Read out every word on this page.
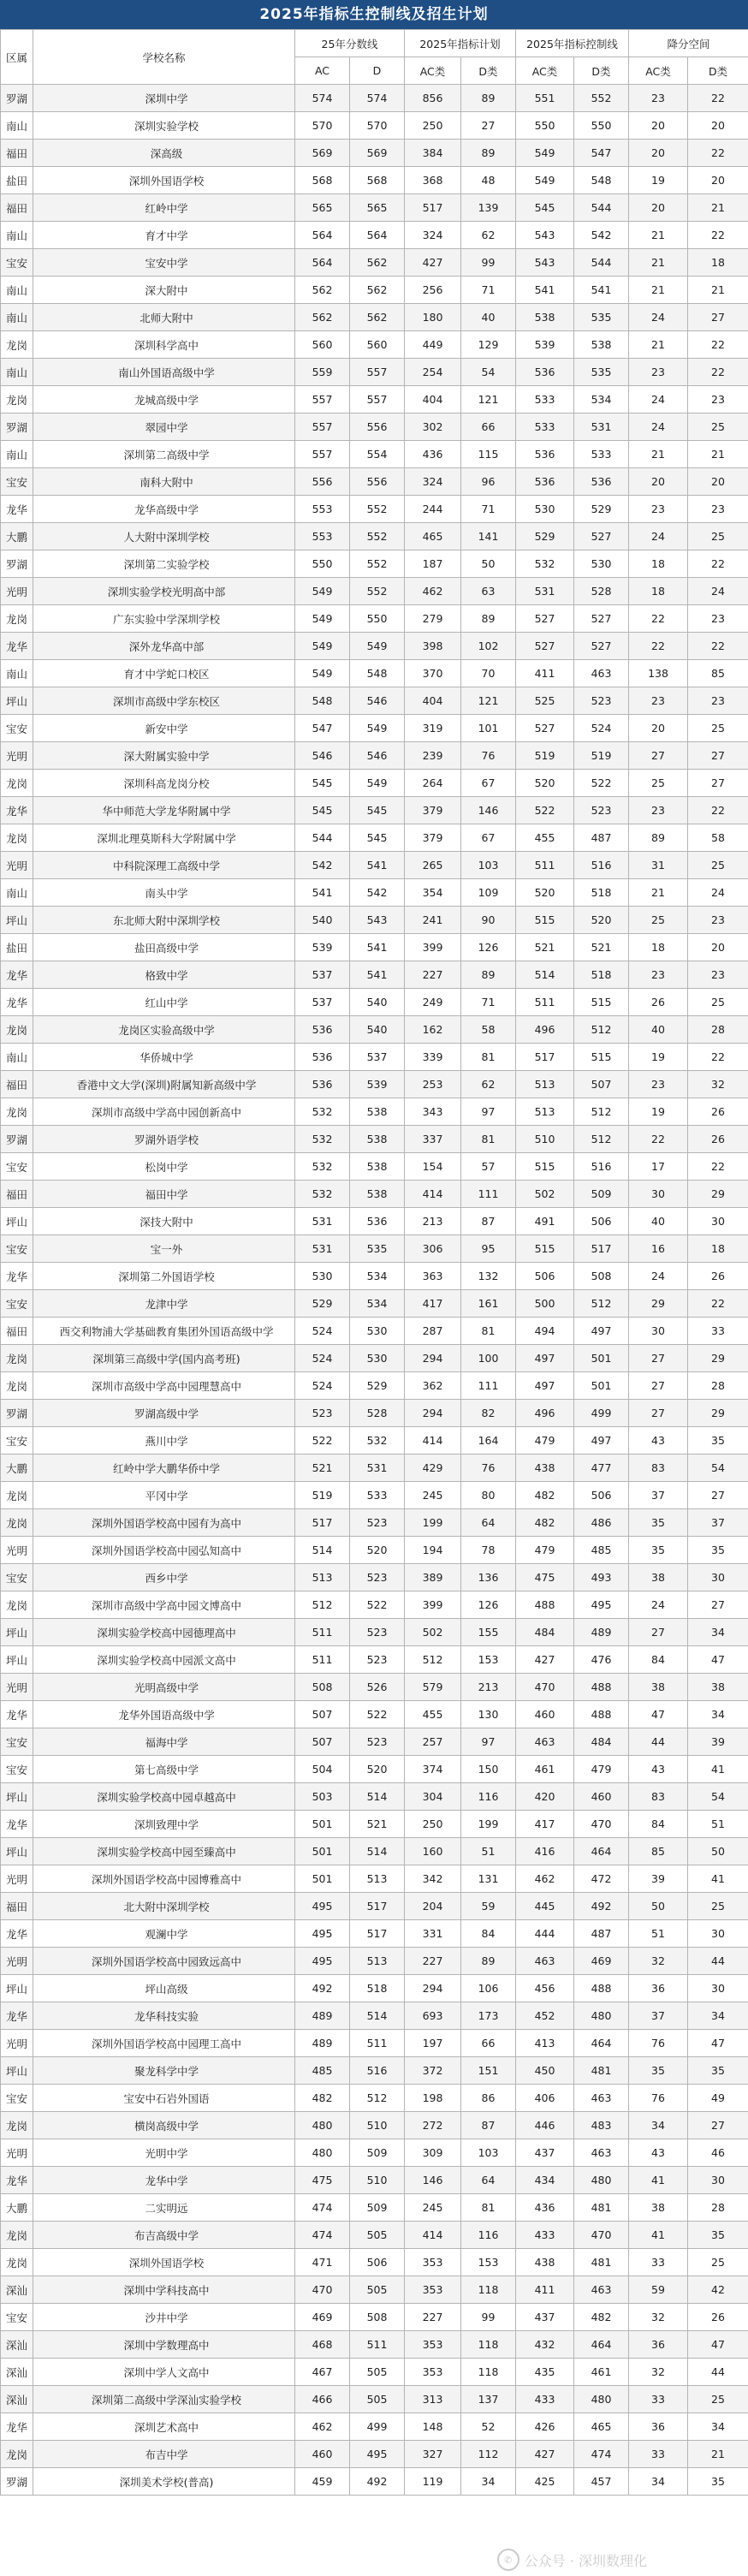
2025年指标生控制线及招生计划
区属	学校名称	25年分数线		2025年指标计划		2025年指标控制线		降分空间	
		AC	D	AC类	D类	AC类	D类	AC类	D类
罗湖	深圳中学	574	574	856	89	551	552	23	22
南山	深圳实验学校	570	570	250	27	550	550	20	20
福田	深高级	569	569	384	89	549	547	20	22
盐田	深圳外国语学校	568	568	368	48	549	548	19	20
福田	红岭中学	565	565	517	139	545	544	20	21
南山	育才中学	564	564	324	62	543	542	21	22
宝安	宝安中学	564	562	427	99	543	544	21	18
南山	深大附中	562	562	256	71	541	541	21	21
南山	北师大附中	562	562	180	40	538	535	24	27
龙岗	深圳科学高中	560	560	449	129	539	538	21	22
南山	南山外国语高级中学	559	557	254	54	536	535	23	22
龙岗	龙城高级中学	557	557	404	121	533	534	24	23
罗湖	翠园中学	557	556	302	66	533	531	24	25
南山	深圳第二高级中学	557	554	436	115	536	533	21	21
宝安	南科大附中	556	556	324	96	536	536	20	20
龙华	龙华高级中学	553	552	244	71	530	529	23	23
大鹏	人大附中深圳学校	553	552	465	141	529	527	24	25
罗湖	深圳第二实验学校	550	552	187	50	532	530	18	22
光明	深圳实验学校光明高中部	549	552	462	63	531	528	18	24
龙岗	广东实验中学深圳学校	549	550	279	89	527	527	22	23
龙华	深外龙华高中部	549	549	398	102	527	527	22	22
南山	育才中学蛇口校区	549	548	370	70	411	463	138	85
坪山	深圳市高级中学东校区	548	546	404	121	525	523	23	23
宝安	新安中学	547	549	319	101	527	524	20	25
光明	深大附属实验中学	546	546	239	76	519	519	27	27
龙岗	深圳科高龙岗分校	545	549	264	67	520	522	25	27
龙华	华中师范大学龙华附属中学	545	545	379	146	522	523	23	22
龙岗	深圳北理莫斯科大学附属中学	544	545	379	67	455	487	89	58
光明	中科院深理工高级中学	542	541	265	103	511	516	31	25
南山	南头中学	541	542	354	109	520	518	21	24
坪山	东北师大附中深圳学校	540	543	241	90	515	520	25	23
盐田	盐田高级中学	539	541	399	126	521	521	18	20
龙华	格致中学	537	541	227	89	514	518	23	23
龙华	红山中学	537	540	249	71	511	515	26	25
龙岗	龙岗区实验高级中学	536	540	162	58	496	512	40	28
南山	华侨城中学	536	537	339	81	517	515	19	22
福田	香港中文大学(深圳)附属知新高级中学	536	539	253	62	513	507	23	32
龙岗	深圳市高级中学高中园创新高中	532	538	343	97	513	512	19	26
罗湖	罗湖外语学校	532	538	337	81	510	512	22	26
宝安	松岗中学	532	538	154	57	515	516	17	22
福田	福田中学	532	538	414	111	502	509	30	29
坪山	深技大附中	531	536	213	87	491	506	40	30
宝安	宝一外	531	535	306	95	515	517	16	18
龙华	深圳第二外国语学校	530	534	363	132	506	508	24	26
宝安	龙津中学	529	534	417	161	500	512	29	22
福田	西交利物浦大学基础教育集团外国语高级中学	524	530	287	81	494	497	30	33
龙岗	深圳第三高级中学(国内高考班)	524	530	294	100	497	501	27	29
龙岗	深圳市高级中学高中园理慧高中	524	529	362	111	497	501	27	28
罗湖	罗湖高级中学	523	528	294	82	496	499	27	29
宝安	燕川中学	522	532	414	164	479	497	43	35
大鹏	红岭中学大鹏华侨中学	521	531	429	76	438	477	83	54
龙岗	平冈中学	519	533	245	80	482	506	37	27
龙岗	深圳外国语学校高中园有为高中	517	523	199	64	482	486	35	37
光明	深圳外国语学校高中园弘知高中	514	520	194	78	479	485	35	35
宝安	西乡中学	513	523	389	136	475	493	38	30
龙岗	深圳市高级中学高中园文博高中	512	522	399	126	488	495	24	27
坪山	深圳实验学校高中园德理高中	511	523	502	155	484	489	27	34
坪山	深圳实验学校高中园派文高中	511	523	512	153	427	476	84	47
光明	光明高级中学	508	526	579	213	470	488	38	38
龙华	龙华外国语高级中学	507	522	455	130	460	488	47	34
宝安	福海中学	507	523	257	97	463	484	44	39
宝安	第七高级中学	504	520	374	150	461	479	43	41
坪山	深圳实验学校高中园卓越高中	503	514	304	116	420	460	83	54
龙华	深圳致理中学	501	521	250	199	417	470	84	51
坪山	深圳实验学校高中园至臻高中	501	514	160	51	416	464	85	50
光明	深圳外国语学校高中园博雅高中	501	513	342	131	462	472	39	41
福田	北大附中深圳学校	495	517	204	59	445	492	50	25
龙华	观澜中学	495	517	331	84	444	487	51	30
光明	深圳外国语学校高中园致远高中	495	513	227	89	463	469	32	44
坪山	坪山高级	492	518	294	106	456	488	36	30
龙华	龙华科技实验	489	514	693	173	452	480	37	34
光明	深圳外国语学校高中园理工高中	489	511	197	66	413	464	76	47
坪山	聚龙科学中学	485	516	372	151	450	481	35	35
宝安	宝安中石岩外国语	482	512	198	86	406	463	76	49
龙岗	横岗高级中学	480	510	272	87	446	483	34	27
光明	光明中学	480	509	309	103	437	463	43	46
龙华	龙华中学	475	510	146	64	434	480	41	30
大鹏	二实明远	474	509	245	81	436	481	38	28
龙岗	布吉高级中学	474	505	414	116	433	470	41	35
龙岗	深圳外国语学校	471	506	353	153	438	481	33	25
深汕	深圳中学科技高中	470	505	353	118	411	463	59	42
宝安	沙井中学	469	508	227	99	437	482	32	26
深汕	深圳中学数理高中	468	511	353	118	432	464	36	47
深汕	深圳中学人文高中	467	505	353	118	435	461	32	44
深汕	深圳第二高级中学深汕实验学校	466	505	313	137	433	480	33	25
龙华	深圳艺术高中	462	499	148	52	426	465	36	34
龙岗	布吉中学	460	495	327	112	427	474	33	21
罗湖	深圳美术学校(普高)	459	492	119	34	425	457	34	35
✆ 公众号 · 深圳数理化
